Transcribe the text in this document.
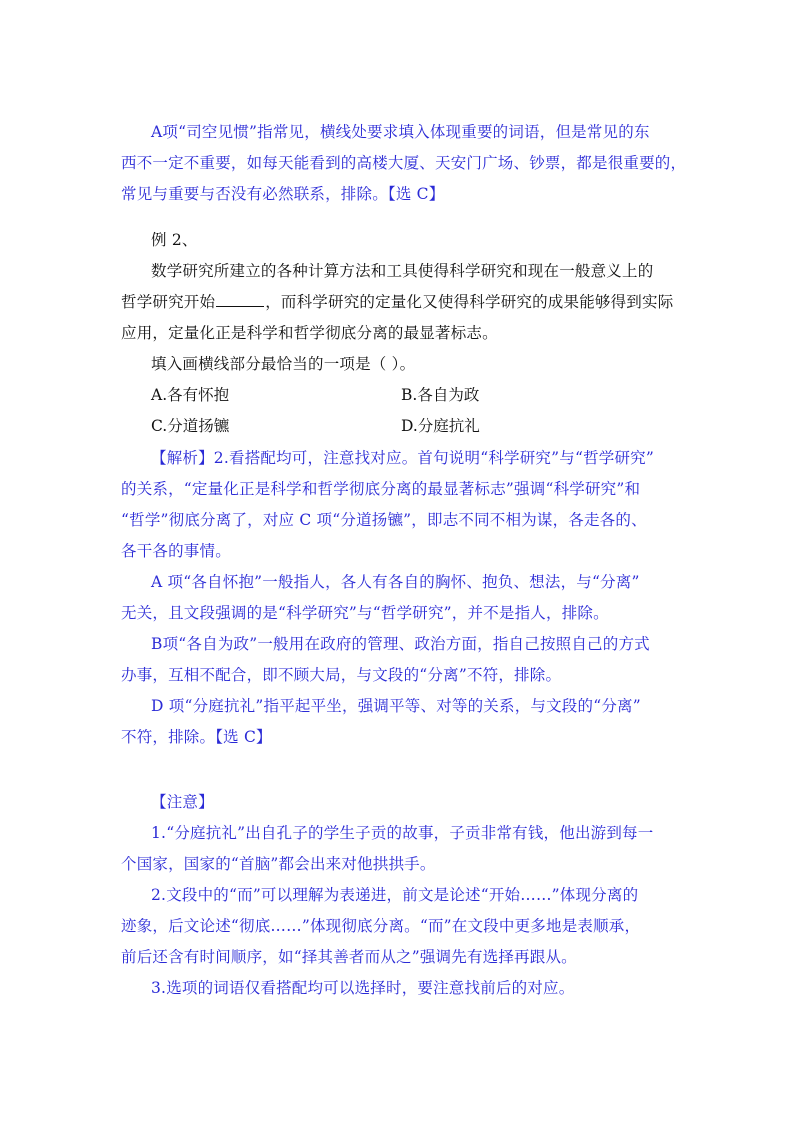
A项“司空见惯”指常见，横线处要求填入体现重要的词语，但是常见的东
西不一定不重要，如每天能看到的高楼大厦、天安门广场、钞票，都是很重要的，
常见与重要与否没有必然联系，排除。【选 C】
例 2、
数学研究所建立的各种计算方法和工具使得科学研究和现在一般意义上的
哲学研究开始	，而科学研究的定量化又使得科学研究的成果能够得到实际
应用，定量化正是科学和哲学彻底分离的最显著标志。
填入画横线部分最恰当的一项是（ ）。
A.各有怀抱	B.各自为政
C.分道扬镳	D.分庭抗礼
【解析】2.看搭配均可，注意找对应。首句说明“科学研究”与“哲学研究”
的关系，“定量化正是科学和哲学彻底分离的最显著标志”强调“科学研究”和
“哲学”彻底分离了，对应 C 项“分道扬镳”，即志不同不相为谋，各走各的、
各干各的事情。
A 项“各自怀抱”一般指人，各人有各自的胸怀、抱负、想法，与“分离”
无关，且文段强调的是“科学研究”与“哲学研究”，并不是指人，排除。
B项“各自为政”一般用在政府的管理、政治方面，指自己按照自己的方式
办事，互相不配合，即不顾大局，与文段的“分离”不符，排除。
D 项“分庭抗礼”指平起平坐，强调平等、对等的关系，与文段的“分离”
不符，排除。【选 C】
【注意】
1.“分庭抗礼”出自孔子的学生子贡的故事，子贡非常有钱，他出游到每一
个国家，国家的“首脑”都会出来对他拱拱手。
2.文段中的“而”可以理解为表递进，前文是论述“开始……”体现分离的
迹象，后文论述“彻底……”体现彻底分离。“而”在文段中更多地是表顺承，
前后还含有时间顺序，如“择其善者而从之”强调先有选择再跟从。
3.选项的词语仅看搭配均可以选择时，要注意找前后的对应。
